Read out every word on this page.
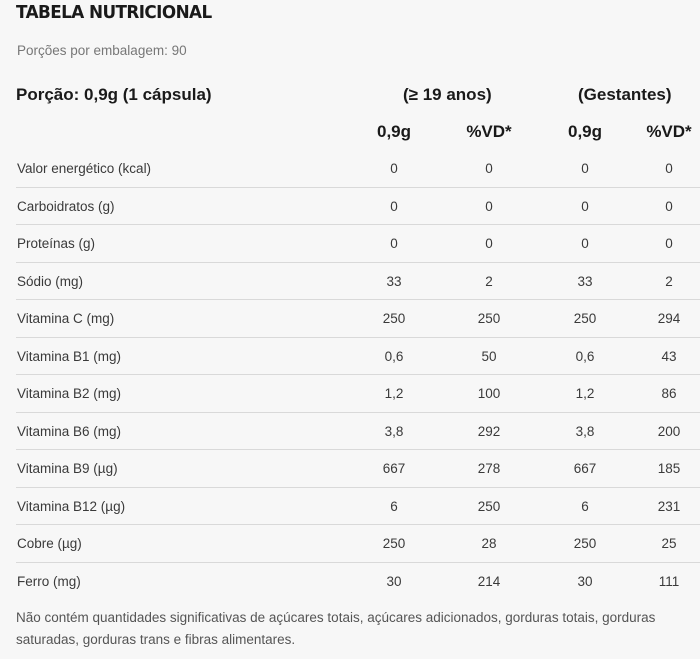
TABELA NUTRICIONAL
Porções por embalagem: 90
Porção: 0,9g (1 cápsula)	(≥ 19 anos)	(Gestantes)
0,9g	%VD*	0,9g	%VD*
Valor energético (kcal)	0	0	0	0
Carboidratos (g)	0	0	0	0
Proteínas (g)	0	0	0	0
Sódio (mg)	33	2	33	2
Vitamina C (mg)	250	250	250	294
Vitamina B1 (mg)	0,6	50	0,6	43
Vitamina B2 (mg)	1,2	100	1,2	86
Vitamina B6 (mg)	3,8	292	3,8	200
Vitamina B9 (µg)	667	278	667	185
Vitamina B12 (µg)	6	250	6	231
Cobre (µg)	250	28	250	25
Ferro (mg)	30	214	30	111
Não contém quantidades significativas de açúcares totais, açúcares adicionados, gorduras totais, gorduras saturadas, gorduras trans e fibras alimentares.
